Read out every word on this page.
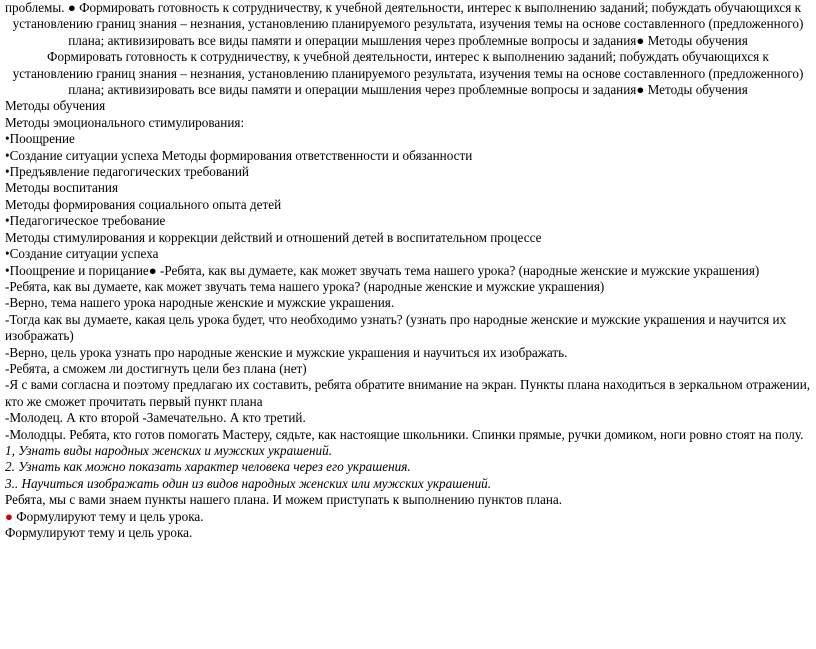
проблемы. ● Формировать готовность к сотрудничеству, к учебной деятельности, интерес к выполнению заданий; побуждать обучающихся к
установлению границ знания – незнания, установлению планируемого результата, изучения темы на основе составленного (предложенного)
плана; активизировать все виды памяти и операции мышления через проблемные вопросы и задания● Методы обучения
Формировать готовность к сотрудничеству, к учебной деятельности, интерес к выполнению заданий; побуждать обучающихся к
установлению границ знания – незнания, установлению планируемого результата, изучения темы на основе составленного (предложенного)
плана; активизировать все виды памяти и операции мышления через проблемные вопросы и задания● Методы обучения
Методы обучения
Методы эмоционального стимулирования:
•Поощрение
•Создание ситуации успеха Методы формирования ответственности и обязанности
•Предъявление педагогических требований
Методы воспитания
Методы формирования социального опыта детей
•Педагогическое требование
Методы стимулирования и коррекции действий и отношений детей в воспитательном процессе
•Создание ситуации успеха
•Поощрение и порицание● -Ребята, как вы думаете, как может звучать тема нашего урока? (народные женские и мужские украшения)
-Ребята, как вы думаете, как может звучать тема нашего урока? (народные женские и мужские украшения)
-Верно, тема нашего урока народные женские и мужские украшения.
-Тогда как вы думаете, какая цель урока будет, что необходимо узнать? (узнать про народные женские и мужские украшения и научится их изображать)
-Верно, цель урока узнать про народные женские и мужские украшения и научиться их изображать.
-Ребята, а сможем ли достигнуть цели без плана (нет)
-Я с вами согласна и поэтому предлагаю их составить, ребята обратите внимание на экран. Пункты плана находиться в зеркальном отражении, кто же сможет прочитать первый пункт плана
-Молодец. А кто второй -Замечательно. А кто третий.
-Молодцы. Ребята, кто готов помогать Мастеру, сядьте, как настоящие школьники. Спинки прямые, ручки домиком, ноги ровно стоят на полу.
1, Узнать виды народных женских и мужских украшений.
2. Узнать как можно показать характер человека через его украшения.
3.. Научиться изображать один из видов народных женских или мужских украшений.
Ребята, мы с вами знаем пункты нашего плана. И можем приступать к выполнению пунктов плана.
● Формулируют тему и цель урока.
Формулируют тему и цель урока.
